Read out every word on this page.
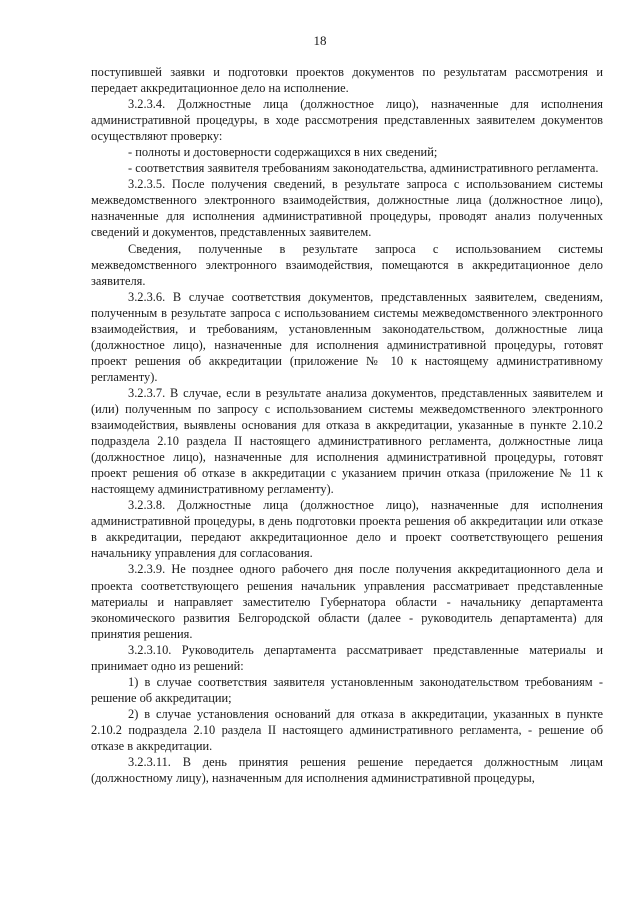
18

поступившей заявки и подготовки проектов документов по результатам рассмотрения и передает аккредитационное дело на исполнение.

3.2.3.4. Должностные лица (должностное лицо), назначенные для исполнения административной процедуры, в ходе рассмотрения представленных заявителем документов осуществляют проверку:

- полноты и достоверности содержащихся в них сведений;

- соответствия заявителя требованиям законодательства, административного регламента.

3.2.3.5. После получения сведений, в результате запроса с использованием системы межведомственного электронного взаимодействия, должностные лица (должностное лицо), назначенные для исполнения административной процедуры, проводят анализ полученных сведений и документов, представленных заявителем.

Сведения, полученные в результате запроса с использованием системы межведомственного электронного взаимодействия, помещаются в аккредитационное дело заявителя.

3.2.3.6. В случае соответствия документов, представленных заявителем, сведениям, полученным в результате запроса с использованием системы межведомственного электронного взаимодействия, и требованиям, установленным законодательством, должностные лица (должностное лицо), назначенные для исполнения административной процедуры, готовят проект решения об аккредитации (приложение № 10 к настоящему административному регламенту).

3.2.3.7. В случае, если в результате анализа документов, представленных заявителем и (или) полученным по запросу с использованием системы межведомственного электронного взаимодействия, выявлены основания для отказа в аккредитации, указанные в пункте 2.10.2 подраздела 2.10 раздела II настоящего административного регламента, должностные лица (должностное лицо), назначенные для исполнения административной процедуры, готовят проект решения об отказе в аккредитации с указанием причин отказа (приложение № 11 к настоящему административному регламенту).

3.2.3.8. Должностные лица (должностное лицо), назначенные для исполнения административной процедуры, в день подготовки проекта решения об аккредитации или отказе в аккредитации, передают аккредитационное дело и проект соответствующего решения начальнику управления для согласования.

3.2.3.9. Не позднее одного рабочего дня после получения аккредитационного дела и проекта соответствующего решения начальник управления рассматривает представленные материалы и направляет заместителю Губернатора области - начальнику департамента экономического развития Белгородской области (далее - руководитель департамента) для принятия решения.

3.2.3.10. Руководитель департамента рассматривает представленные материалы и принимает одно из решений:

1) в случае соответствия заявителя установленным законодательством требованиям - решение об аккредитации;

2) в случае установления оснований для отказа в аккредитации, указанных в пункте 2.10.2 подраздела 2.10 раздела II настоящего административного регламента, - решение об отказе в аккредитации.

3.2.3.11. В день принятия решения решение передается должностным лицам (должностному лицу), назначенным для исполнения административной процедуры,
